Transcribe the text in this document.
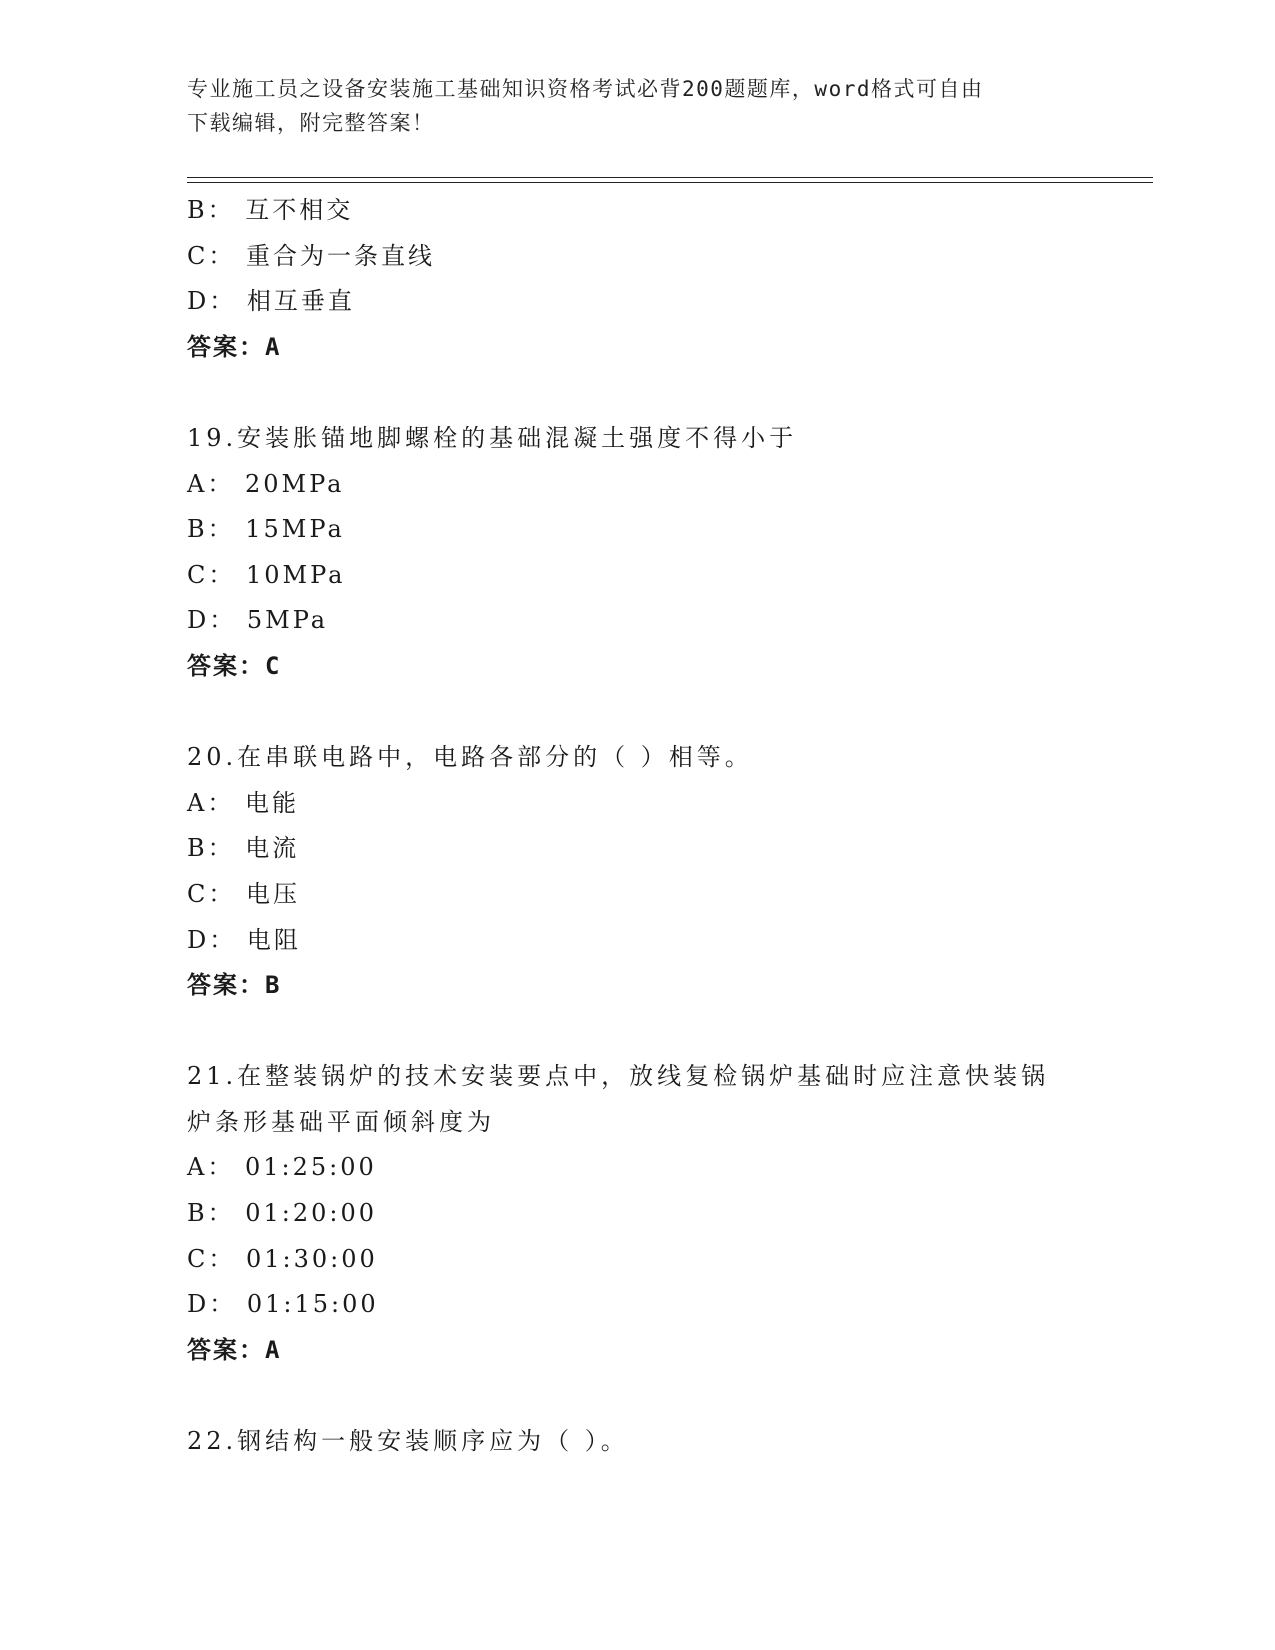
专业施工员之设备安装施工基础知识资格考试必背200题题库，word格式可自由
下载编辑，附完整答案！
B： 互不相交
C： 重合为一条直线
D： 相互垂直
答案：A
19.安装胀锚地脚螺栓的基础混凝土强度不得小于
A： 20MPa
B： 15MPa
C： 10MPa
D： 5MPa
答案：C
20.在串联电路中，电路各部分的（ ）相等。
A： 电能
B： 电流
C： 电压
D： 电阻
答案：B
21.在整装锅炉的技术安装要点中，放线复检锅炉基础时应注意快装锅
炉条形基础平面倾斜度为
A： 01:25:00
B： 01:20:00
C： 01:30:00
D： 01:15:00
答案：A
22.钢结构一般安装顺序应为（ ）。
